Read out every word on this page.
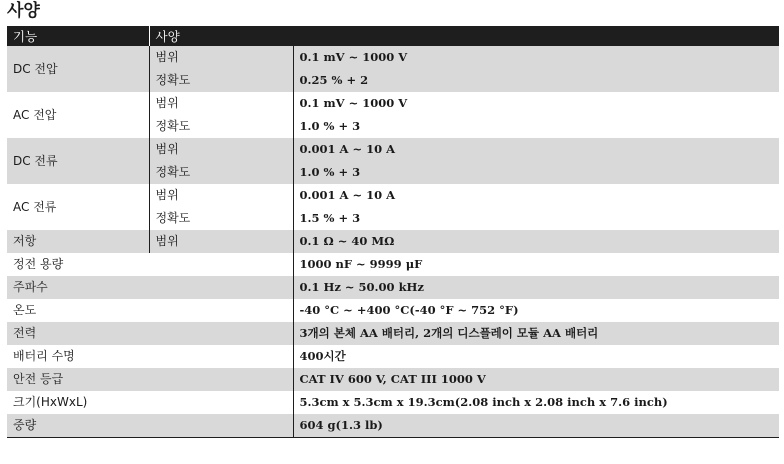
사양
기능	사양	
DC 전압	범위	0.1 mV ~ 1000 V
	정확도	0.25 % + 2
AC 전압	범위	0.1 mV ~ 1000 V
	정확도	1.0 % + 3
DC 전류	범위	0.001 A ~ 10 A
	정확도	1.0 % + 3
AC 전류	범위	0.001 A ~ 10 A
	정확도	1.5 % + 3
저항	범위	0.1 Ω ~ 40 MΩ
정전 용량		1000 nF ~ 9999 μF
주파수		0.1 Hz ~ 50.00 kHz
온도		-40 °C ~ +400 °C(-40 °F ~ 752 °F)
전력		3개의 본체 AA 배터리, 2개의 디스플레이 모듈 AA 배터리
배터리 수명		400시간
안전 등급		CAT IV 600 V, CAT III 1000 V
크기(HxWxL)		5.3cm x 5.3cm x 19.3cm(2.08 inch x 2.08 inch x 7.6 inch)
중량		604 g(1.3 lb)
